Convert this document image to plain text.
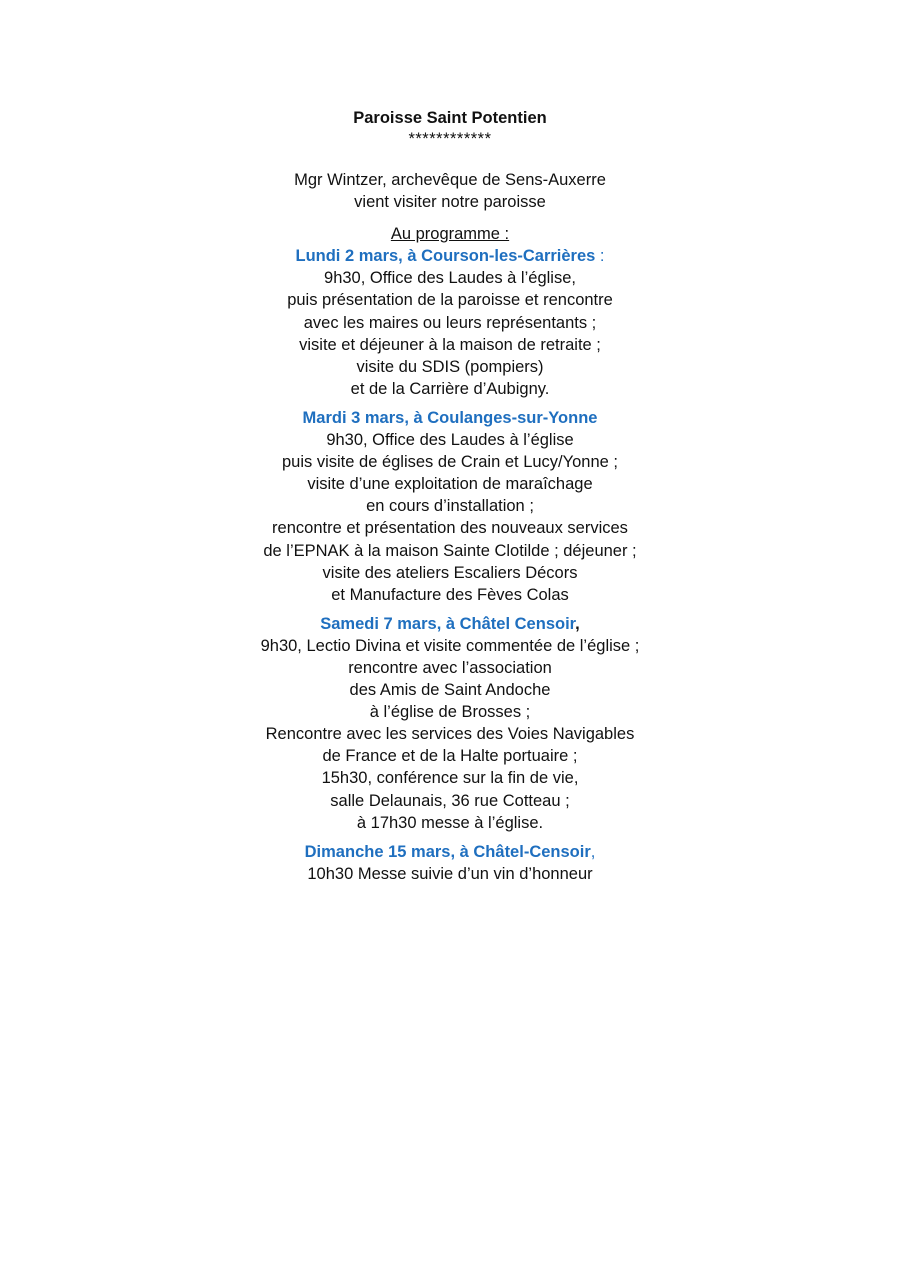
Paroisse Saint Potentien
************
Mgr Wintzer, archevêque de Sens-Auxerre
vient visiter notre paroisse
Au programme :
Lundi 2 mars, à Courson-les-Carrières :
9h30, Office des Laudes à l’église,
puis présentation de la paroisse et rencontre
avec les maires ou leurs représentants ;
visite et déjeuner à la maison de retraite ;
visite du SDIS (pompiers)
et de la Carrière d’Aubigny.
Mardi 3 mars, à Coulanges-sur-Yonne
9h30, Office des Laudes à l’église
puis visite de églises de Crain et Lucy/Yonne ;
visite d’une exploitation de maraîchage
en cours d’installation ;
rencontre et présentation des nouveaux services
de l’EPNAK à la maison Sainte Clotilde ; déjeuner ;
visite des ateliers Escaliers Décors
et Manufacture des Fèves Colas
Samedi 7 mars, à Châtel Censoir,
9h30, Lectio Divina et visite commentée de l’église ;
rencontre avec l’association
des Amis de Saint Andoche
à l’église de Brosses ;
Rencontre avec les services des Voies Navigables
de France et de la Halte portuaire ;
15h30, conférence sur la fin de vie,
salle Delaunais, 36 rue Cotteau ;
à 17h30 messe à l’église.
Dimanche 15 mars, à Châtel-Censoir,
10h30 Messe suivie d’un vin d’honneur
